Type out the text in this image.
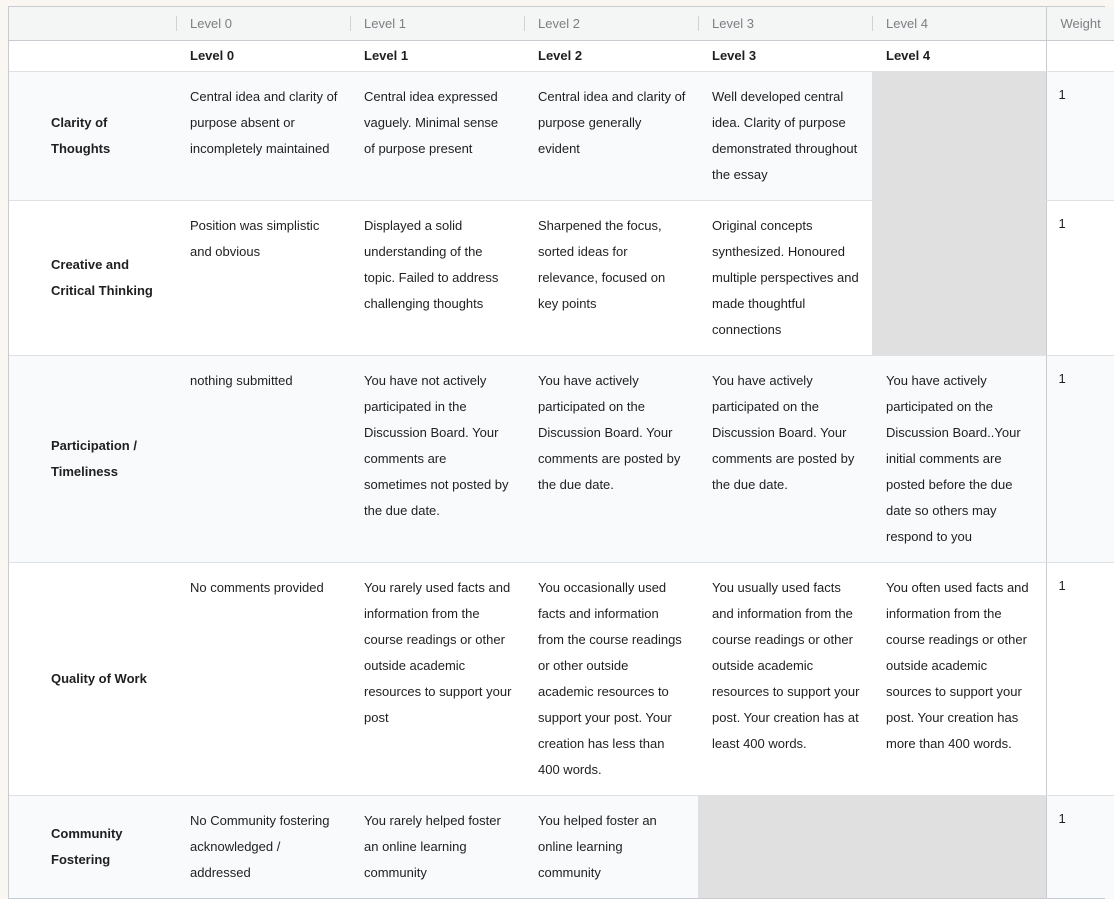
	Level 0	Level 1	Level 2	Level 3	Level 4	Weight
	Level 0	Level 1	Level 2	Level 3	Level 4	
Clarity of Thoughts	Central idea and clarity of purpose absent or incompletely maintained	Central idea expressed vaguely. Minimal sense of purpose present	Central idea and clarity of purpose generally evident	Well developed central idea. Clarity of purpose demonstrated throughout the essay		1
Creative and Critical Thinking	Position was simplistic and obvious	Displayed a solid understanding of the topic. Failed to address challenging thoughts	Sharpened the focus, sorted ideas for relevance, focused on key points	Original concepts synthesized. Honoured multiple perspectives and made thoughtful connections		1
Participation / Timeliness	nothing submitted	You have not actively participated in the Discussion Board. Your comments are sometimes not posted by the due date.	You have actively participated on the Discussion Board. Your comments are posted by the due date.	You have actively participated on the Discussion Board. Your comments are posted by the due date.	You have actively participated on the Discussion Board..Your initial comments are posted before the due date so others may respond to you	1
Quality of Work	No comments provided	You rarely used facts and information from the course readings or other outside academic resources to support your post	You occasionally used facts and information from the course readings or other outside academic resources to support your post. Your creation has less than 400 words.	You usually used facts and information from the course readings or other outside academic resources to support your post. Your creation has at least 400 words.	You often used facts and information from the course readings or other outside academic sources to support your post. Your creation has more than 400 words.	1
Community Fostering	No Community fostering acknowledged / addressed	You rarely helped foster an online learning community	You helped foster an online learning community			1
